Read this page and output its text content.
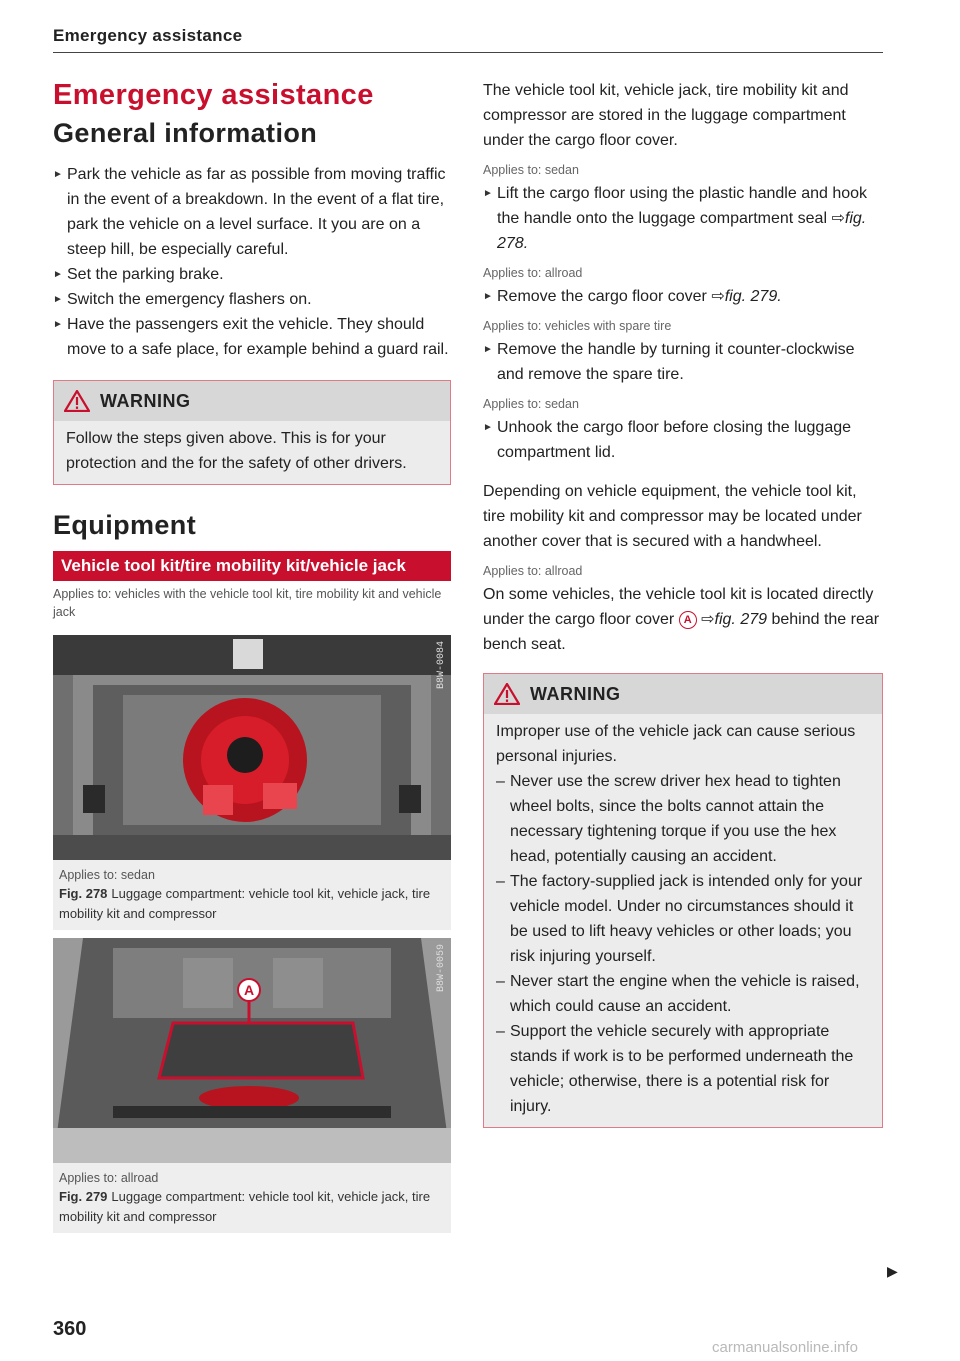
Emergency assistance
Emergency assistance
General information
► Park the vehicle as far as possible from moving traffic in the event of a breakdown. In the event of a flat tire, park the vehicle on a level surface. It you are on a steep hill, be especially careful.
► Set the parking brake.
► Switch the emergency flashers on.
► Have the passengers exit the vehicle. They should move to a safe place, for example behind a guard rail.
WARNING

Follow the steps given above. This is for your protection and the for the safety of other drivers.

Equipment
Vehicle tool kit/tire mobility kit/vehicle jack
Applies to: vehicles with the vehicle tool kit, tire mobility kit and vehicle jack
B8W-0084
Applies to: sedan
Fig. 278 Luggage compartment: vehicle tool kit, vehicle jack, tire mobility kit and compressor
A	B8W-0059
Applies to: allroad
Fig. 279 Luggage compartment: vehicle tool kit, vehicle jack, tire mobility kit and compressor

The vehicle tool kit, vehicle jack, tire mobility kit and compressor are stored in the luggage compartment under the cargo floor cover.

Applies to: sedan
► Lift the cargo floor using the plastic handle and hook the handle onto the luggage compartment seal ⇨fig. 278.
Applies to: allroad
► Remove the cargo floor cover ⇨fig. 279.
Applies to: vehicles with spare tire
► Remove the handle by turning it counter-clockwise and remove the spare tire.
Applies to: sedan
► Unhook the cargo floor before closing the luggage compartment lid.

Depending on vehicle equipment, the vehicle tool kit, tire mobility kit and compressor may be located under another cover that is secured with a handwheel.

Applies to: allroad

On some vehicles, the vehicle tool kit is located directly under the cargo floor cover A ⇨fig. 279 behind the rear bench seat.

WARNING

Improper use of the vehicle jack can cause serious personal injuries.

– Never use the screw driver hex head to tighten wheel bolts, since the bolts cannot attain the necessary tightening torque if you use the hex head, potentially causing an accident.
– The factory-supplied jack is intended only for your vehicle model. Under no circumstances should it be used to lift heavy vehicles or other loads; you risk injuring yourself.
– Never start the engine when the vehicle is raised, which could cause an accident.
– Support the vehicle securely with appropriate stands if work is to be performed underneath the vehicle; otherwise, there is a potential risk for injury.
▶
360
carmanualsonline.info
